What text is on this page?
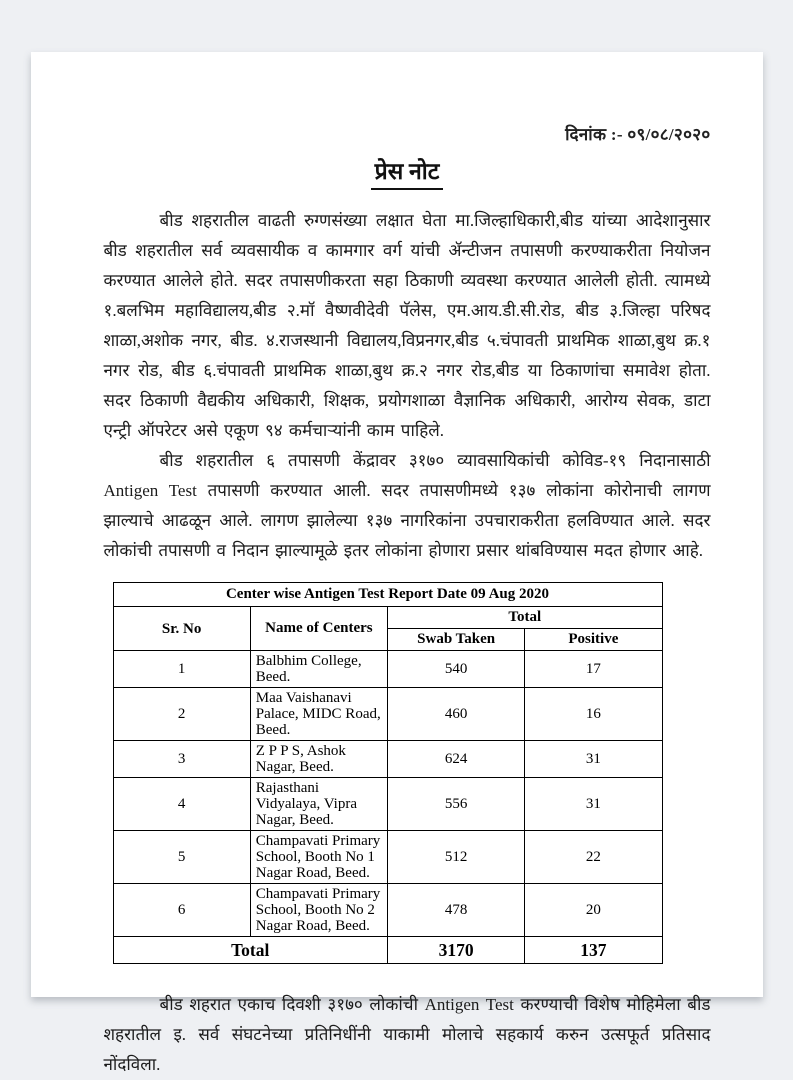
दिनांक :- ०९/०८/२०२०
प्रेस नोट

बीड शहरातील वाढती रुग्णसंख्या लक्षात घेता मा.जिल्हाधिकारी,बीड यांच्या आदेशानुसार बीड शहरातील सर्व व्यवसायीक व कामगार वर्ग यांची ॲन्टीजन तपासणी करण्याकरीता नियोजन करण्यात आलेले होते. सदर तपासणीकरता सहा ठिकाणी व्यवस्था करण्यात आलेली होती. त्यामध्ये १.बलभिम महाविद्यालय,बीड २.मॉ वैष्णवीदेवी पॅलेस, एम.आय.डी.सी.रोड, बीड ३.जिल्हा परिषद शाळा,अशोक नगर, बीड. ४.राजस्थानी विद्यालय,विप्रनगर,बीड ५.चंपावती प्राथमिक शाळा,बुथ क्र.१ नगर रोड, बीड ६.चंपावती प्राथमिक शाळा,बुथ क्र.२ नगर रोड,बीड या ठिकाणांचा समावेश होता. सदर ठिकाणी वैद्यकीय अधिकारी, शिक्षक, प्रयोगशाळा वैज्ञानिक अधिकारी, आरोग्य सेवक, डाटा एन्ट्री ऑपरेटर असे एकूण ९४ कर्मचाऱ्यांनी काम पाहिले.

बीड शहरातील ६ तपासणी केंद्रावर ३१७० व्यावसायिकांची कोविड-१९ निदानासाठी Antigen Test तपासणी करण्यात आली. सदर तपासणीमध्ये १३७ लोकांना कोरोनाची लागण झाल्याचे आढळून आले. लागण झालेल्या १३७ नागरिकांना उपचाराकरीता हलविण्यात आले. सदर लोकांची तपासणी व निदान झाल्यामूळे इतर लोकांना होणारा प्रसार थांबविण्यास मदत होणार आहे.

Center wise Antigen Test Report Date 09 Aug 2020			
Sr. No	Name of Centers	Total	
		Swab Taken	Positive
1	Balbhim College, Beed.	540	17
2	Maa Vaishanavi Palace, MIDC Road, Beed.	460	16
3	Z P P S, Ashok Nagar, Beed.	624	31
4	Rajasthani Vidyalaya, Vipra Nagar, Beed.	556	31
5	Champavati Primary School, Booth No 1 Nagar Road, Beed.	512	22
6	Champavati Primary School, Booth No 2 Nagar Road, Beed.	478	20
Total		3170	137

बीड शहरात एकाच दिवशी ३१७० लोकांची Antigen Test करण्याची विशेष मोहिमेला बीड शहरातील इ. सर्व संघटनेच्या प्रतिनिधींनी याकामी मोलाचे सहकार्य करुन उत्सफूर्त प्रतिसाद नोंदविला.
